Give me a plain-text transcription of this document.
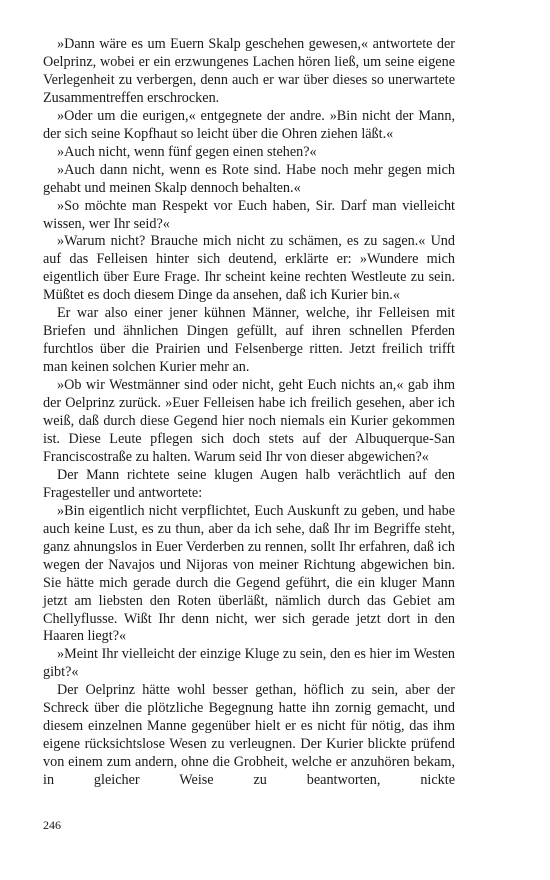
»Dann wäre es um Euern Skalp geschehen gewesen,« antwortete der Oelprinz, wobei er ein erzwungenes Lachen hören ließ, um seine eigene Verlegenheit zu verbergen, denn auch er war über dieses so unerwartete Zusammentreffen erschrocken.

»Oder um die eurigen,« entgegnete der andre. »Bin nicht der Mann, der sich seine Kopfhaut so leicht über die Ohren ziehen läßt.«

»Auch nicht, wenn fünf gegen einen stehen?«

»Auch dann nicht, wenn es Rote sind. Habe noch mehr gegen mich gehabt und meinen Skalp dennoch behalten.«

»So möchte man Respekt vor Euch haben, Sir. Darf man vielleicht wissen, wer Ihr seid?«

»Warum nicht? Brauche mich nicht zu schämen, es zu sagen.« Und auf das Felleisen hinter sich deutend, erklärte er: »Wundere mich eigentlich über Eure Frage. Ihr scheint keine rechten Westleute zu sein. Müßtet es doch diesem Dinge da ansehen, daß ich Kurier bin.«

Er war also einer jener kühnen Männer, welche, ihr Felleisen mit Briefen und ähnlichen Dingen gefüllt, auf ihren schnellen Pferden furchtlos über die Prairien und Felsenberge ritten. Jetzt freilich trifft man keinen solchen Kurier mehr an.

»Ob wir Westmänner sind oder nicht, geht Euch nichts an,« gab ihm der Oelprinz zurück. »Euer Felleisen habe ich freilich gesehen, aber ich weiß, daß durch diese Gegend hier noch niemals ein Kurier gekommen ist. Diese Leute pflegen sich doch stets auf der Albuquerque-San Franciscostraße zu halten. Warum seid Ihr von dieser abgewichen?«

Der Mann richtete seine klugen Augen halb verächtlich auf den Fragesteller und antwortete:

»Bin eigentlich nicht verpflichtet, Euch Auskunft zu geben, und habe auch keine Lust, es zu thun, aber da ich sehe, daß Ihr im Begriffe steht, ganz ahnungslos in Euer Verderben zu rennen, sollt Ihr erfahren, daß ich wegen der Navajos und Nijoras von meiner Richtung abgewichen bin. Sie hätte mich gerade durch die Gegend geführt, die ein kluger Mann jetzt am liebsten den Roten überläßt, nämlich durch das Gebiet am Chellyflusse. Wißt Ihr denn nicht, wer sich gerade jetzt dort in den Haaren liegt?«

»Meint Ihr vielleicht der einzige Kluge zu sein, den es hier im Westen gibt?«

Der Oelprinz hätte wohl besser gethan, höflich zu sein, aber der Schreck über die plötzliche Begegnung hatte ihn zornig gemacht, und diesem einzelnen Manne gegenüber hielt er es nicht für nötig, das ihm eigene rücksichtslose Wesen zu verleugnen. Der Kurier blickte prüfend von einem zum andern, ohne die Grobheit, welche er anzuhören bekam, in gleicher Weise zu beantworten, nickte

246
